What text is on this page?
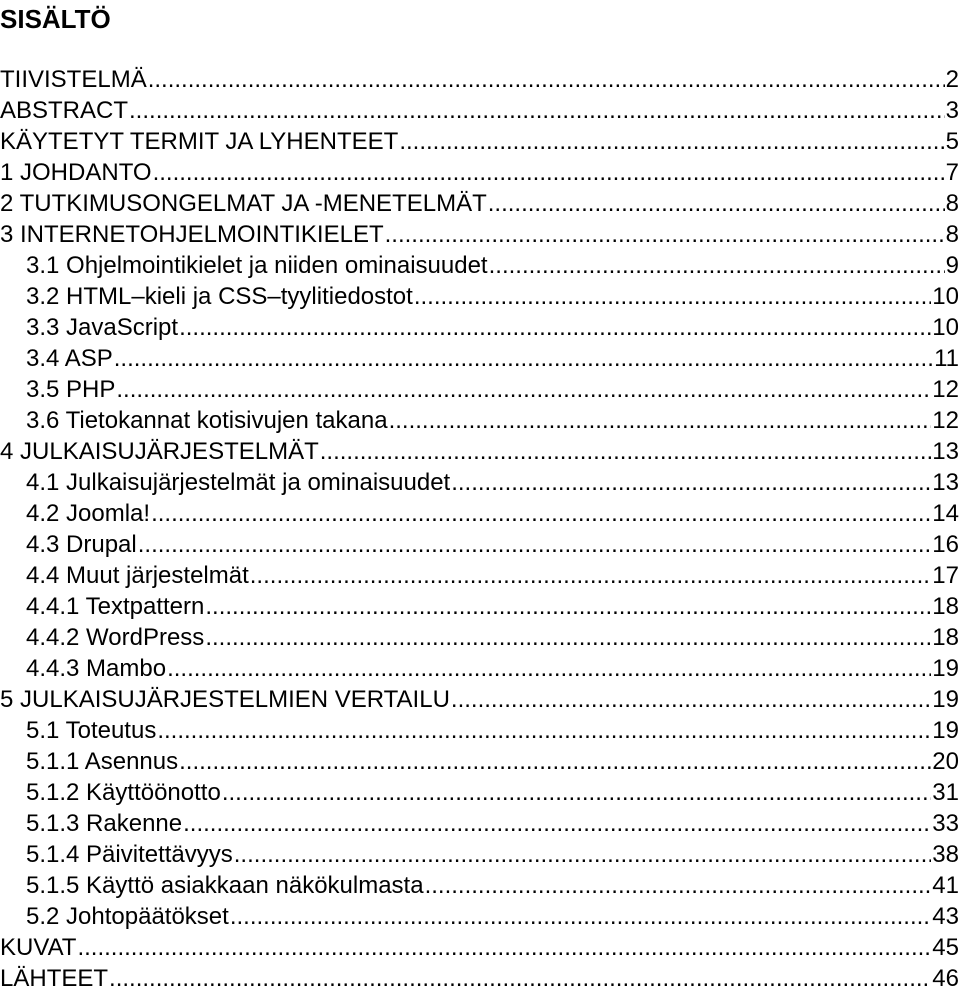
SISÄLTÖ
TIIVISTELMÄ .....	2
ABSTRACT .....	3
KÄYTETYT TERMIT JA LYHENTEET .....	5
1 JOHDANTO .....	7
2 TUTKIMUSONGELMAT JA -MENETELMÄT .....	8
3 INTERNETOHJELMOINTIKIELET .....	8
3.1 Ohjelmointikielet ja niiden ominaisuudet .....	9
3.2 HTML–kieli ja CSS–tyylitiedostot .....	10
3.3 JavaScript .....	10
3.4 ASP .....	11
3.5 PHP .....	12
3.6 Tietokannat kotisivujen takana .....	12
4 JULKAISUJÄRJESTELMÄT .....	13
4.1 Julkaisujärjestelmät ja ominaisuudet .....	13
4.2 Joomla! .....	14
4.3 Drupal .....	16
4.4 Muut järjestelmät .....	17
4.4.1 Textpattern .....	18
4.4.2 WordPress .....	18
4.4.3 Mambo .....	19
5 JULKAISUJÄRJESTELMIEN VERTAILU .....	19
5.1 Toteutus .....	19
5.1.1 Asennus .....	20
5.1.2 Käyttöönotto .....	31
5.1.3 Rakenne .....	33
5.1.4 Päivitettävyys .....	38
5.1.5 Käyttö asiakkaan näkökulmasta .....	41
5.2 Johtopäätökset .....	43
KUVAT .....	45
LÄHTEET .....	46
